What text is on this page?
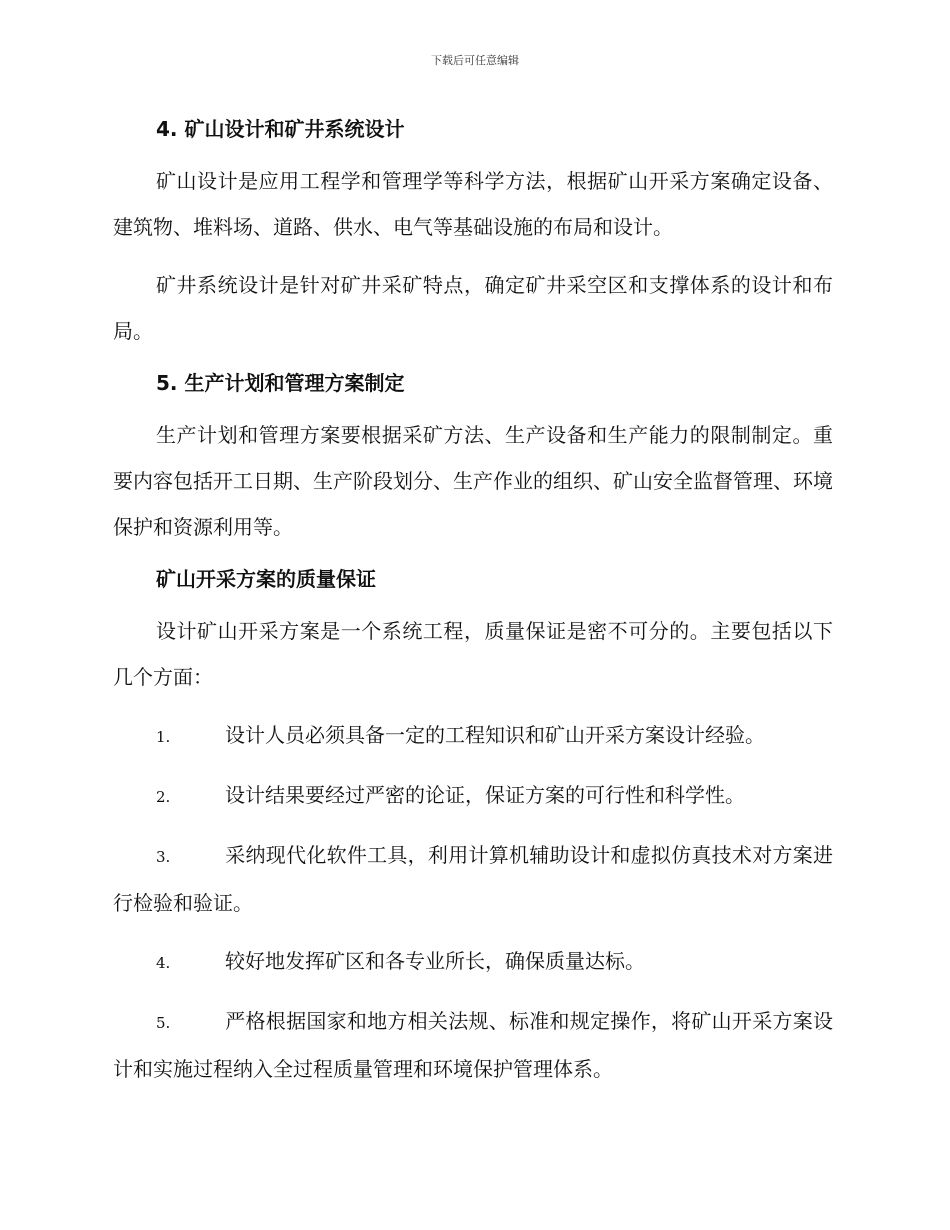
下载后可任意编辑
4. 矿山设计和矿井系统设计
矿山设计是应用工程学和管理学等科学方法，根据矿山开采方案确定设备、建筑物、堆料场、道路、供水、电气等基础设施的布局和设计。
矿井系统设计是针对矿井采矿特点，确定矿井采空区和支撑体系的设计和布局。
5. 生产计划和管理方案制定
生产计划和管理方案要根据采矿方法、生产设备和生产能力的限制制定。重要内容包括开工日期、生产阶段划分、生产作业的组织、矿山安全监督管理、环境保护和资源利用等。
矿山开采方案的质量保证
设计矿山开采方案是一个系统工程，质量保证是密不可分的。主要包括以下几个方面：
1.	设计人员必须具备一定的工程知识和矿山开采方案设计经验。
2.	设计结果要经过严密的论证，保证方案的可行性和科学性。
3.	采纳现代化软件工具，利用计算机辅助设计和虚拟仿真技术对方案进行检验和验证。
4.	较好地发挥矿区和各专业所长，确保质量达标。
5.	严格根据国家和地方相关法规、标准和规定操作，将矿山开采方案设计和实施过程纳入全过程质量管理和环境保护管理体系。
